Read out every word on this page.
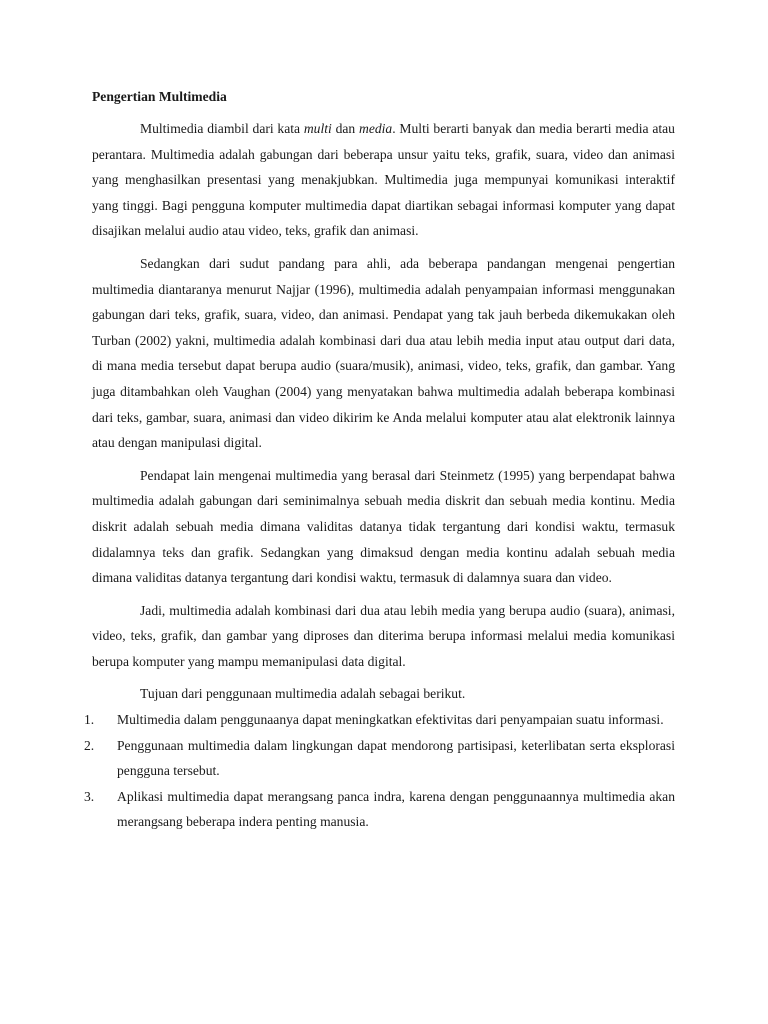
Pengertian Multimedia

Multimedia diambil dari kata multi dan media. Multi berarti banyak dan media berarti media atau perantara. Multimedia adalah gabungan dari beberapa unsur yaitu teks, grafik, suara, video dan animasi yang menghasilkan presentasi yang menakjubkan. Multimedia juga mempunyai komunikasi interaktif yang tinggi. Bagi pengguna komputer multimedia dapat diartikan sebagai informasi komputer yang dapat disajikan melalui audio atau video, teks, grafik dan animasi.

Sedangkan dari sudut pandang para ahli, ada beberapa pandangan mengenai pengertian multimedia diantaranya menurut Najjar (1996), multimedia adalah penyampaian informasi menggunakan gabungan dari teks, grafik, suara, video, dan animasi. Pendapat yang tak jauh berbeda dikemukakan oleh Turban (2002) yakni, multimedia adalah kombinasi dari dua atau lebih media input atau output dari data, di mana media tersebut dapat berupa audio (suara/musik), animasi, video, teks, grafik, dan gambar. Yang juga ditambahkan oleh Vaughan (2004) yang menyatakan bahwa multimedia adalah beberapa kombinasi dari teks, gambar, suara, animasi dan video dikirim ke Anda melalui komputer atau alat elektronik lainnya atau dengan manipulasi digital.

Pendapat lain mengenai multimedia yang berasal dari Steinmetz (1995) yang berpendapat bahwa multimedia adalah gabungan dari seminimalnya sebuah media diskrit dan sebuah media kontinu. Media diskrit adalah sebuah media dimana validitas datanya tidak tergantung dari kondisi waktu, termasuk didalamnya teks dan grafik. Sedangkan yang dimaksud dengan media kontinu adalah sebuah media dimana validitas datanya tergantung dari kondisi waktu, termasuk di dalamnya suara dan video.

Jadi, multimedia adalah kombinasi dari dua atau lebih media yang berupa audio (suara), animasi, video, teks, grafik, dan gambar yang diproses dan diterima berupa informasi melalui media komunikasi berupa komputer yang mampu memanipulasi data digital.

Tujuan dari penggunaan multimedia adalah sebagai berikut.

1. Multimedia dalam penggunaanya dapat meningkatkan efektivitas dari penyampaian suatu informasi.
2. Penggunaan multimedia dalam lingkungan dapat mendorong partisipasi, keterlibatan serta eksplorasi pengguna tersebut.
3. Aplikasi multimedia dapat merangsang panca indra, karena dengan penggunaannya multimedia akan merangsang beberapa indera penting manusia.
